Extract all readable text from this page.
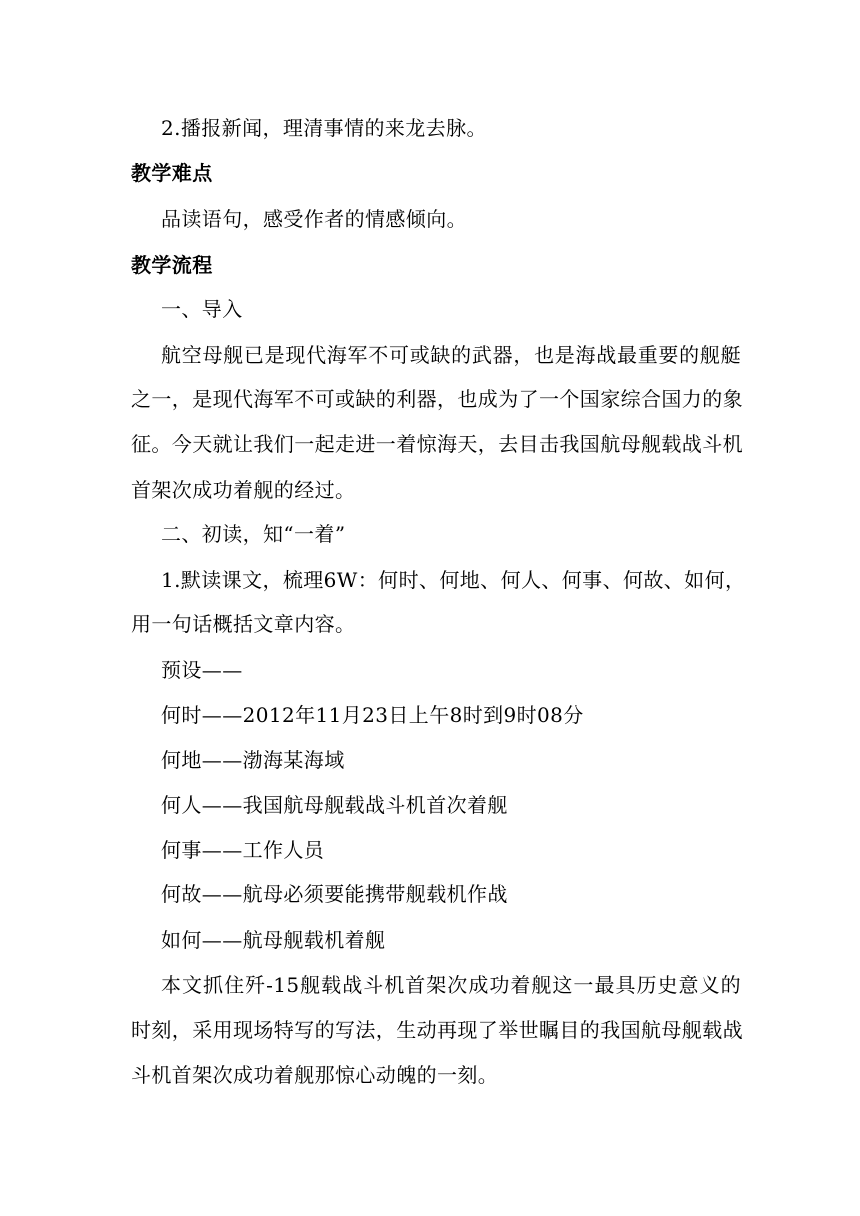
2.播报新闻，理清事情的来龙去脉。
教学难点
品读语句，感受作者的情感倾向。
教学流程
一、导入
航空母舰已是现代海军不可或缺的武器，也是海战最重要的舰艇
之一，是现代海军不可或缺的利器，也成为了一个国家综合国力的象
征。今天就让我们一起走进一着惊海天，去目击我国航母舰载战斗机
首架次成功着舰的经过。
二、初读，知“一着”
1.默读课文，梳理6W：何时、何地、何人、何事、何故、如何，
用一句话概括文章内容。
预设——
何时——2012年11月23日上午8时到9时08分
何地——渤海某海域
何人——我国航母舰载战斗机首次着舰
何事——工作人员
何故——航母必须要能携带舰载机作战
如何——航母舰载机着舰
本文抓住歼-15舰载战斗机首架次成功着舰这一最具历史意义的
时刻，采用现场特写的写法，生动再现了举世瞩目的我国航母舰载战
斗机首架次成功着舰那惊心动魄的一刻。
